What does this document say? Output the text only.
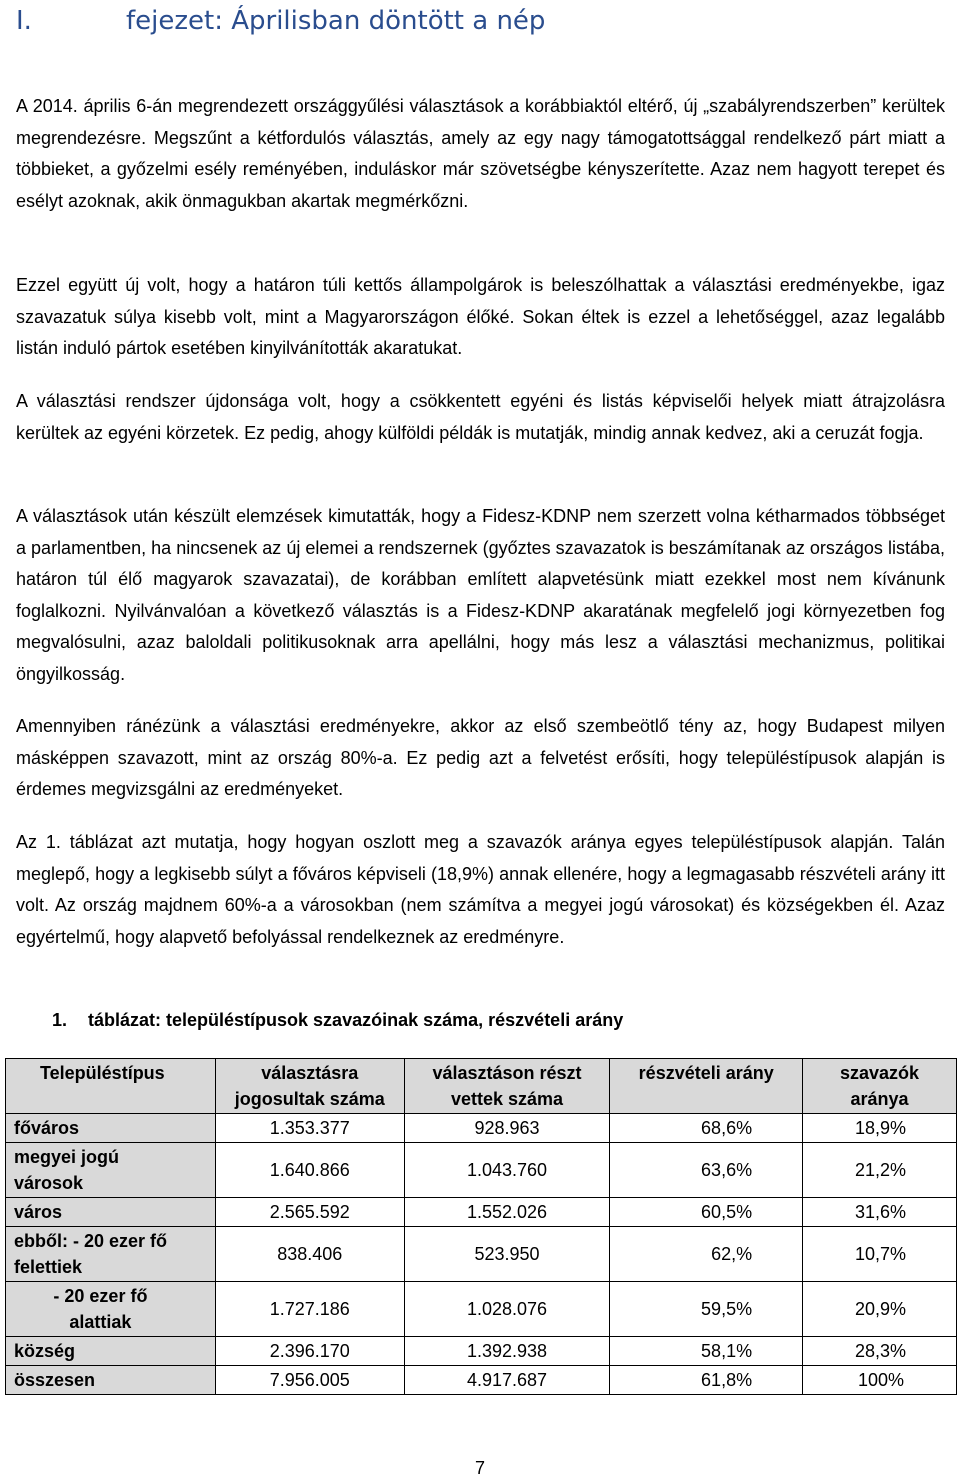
I.	fejezet: Áprilisban döntött a nép

A 2014. április 6-án megrendezett országgyűlési választások a korábbiaktól eltérő, új „szabályrendszerben” kerültek megrendezésre. Megszűnt a kétfordulós választás, amely az egy nagy támogatottsággal rendelkező párt miatt a többieket, a győzelmi esély reményében, induláskor már szövetségbe kényszerítette. Azaz nem hagyott terepet és esélyt azoknak, akik önmagukban akartak megmérkőzni.

Ezzel együtt új volt, hogy a határon túli kettős állampolgárok is beleszólhattak a választási eredményekbe, igaz szavazatuk súlya kisebb volt, mint a Magyarországon élőké. Sokan éltek is ezzel a lehetőséggel, azaz legalább listán induló pártok esetében kinyilvánították akaratukat.

A választási rendszer újdonsága volt, hogy a csökkentett egyéni és listás képviselői helyek miatt átrajzolásra kerültek az egyéni körzetek. Ez pedig, ahogy külföldi példák is mutatják, mindig annak kedvez, aki a ceruzát fogja.

A választások után készült elemzések kimutatták, hogy a Fidesz-KDNP nem szerzett volna kétharmados többséget a parlamentben, ha nincsenek az új elemei a rendszernek (győztes szavazatok is beszámítanak az országos listába, határon túl élő magyarok szavazatai), de korábban említett alapvetésünk miatt ezekkel most nem kívánunk foglalkozni. Nyilvánvalóan a következő választás is a Fidesz-KDNP akaratának megfelelő jogi környezetben fog megvalósulni, azaz baloldali politikusoknak arra apellálni, hogy más lesz a választási mechanizmus, politikai öngyilkosság.

Amennyiben ránézünk a választási eredményekre, akkor az első szembeötlő tény az, hogy Budapest milyen másképpen szavazott, mint az ország 80%-a. Ez pedig azt a felvetést erősíti, hogy településtípusok alapján is érdemes megvizsgálni az eredményeket.

Az 1. táblázat azt mutatja, hogy hogyan oszlott meg a szavazók aránya egyes településtípusok alapján. Talán meglepő, hogy a legkisebb súlyt a főváros képviseli (18,9%) annak ellenére, hogy a legmagasabb részvételi arány itt volt. Az ország majdnem 60%-a a városokban (nem számítva a megyei jogú városokat) és községekben él. Azaz egyértelmű, hogy alapvető befolyással rendelkeznek az eredményre.

1. táblázat: településtípusok szavazóinak száma, részvételi arány
Településtípus	választásra jogosultak száma	választáson részt vettek száma	részvételi arány	szavazók aránya
főváros	1.353.377	928.963	68,6%	18,9%
megyei jogú városok	1.640.866	1.043.760	63,6%	21,2%
város	2.565.592	1.552.026	60,5%	31,6%
ebből: - 20 ezer fő felettiek	838.406	523.950	62,%	10,7%
- 20 ezer fő alattiak	1.727.186	1.028.076	59,5%	20,9%
község	2.396.170	1.392.938	58,1%	28,3%
összesen	7.956.005	4.917.687	61,8%	100%
7
